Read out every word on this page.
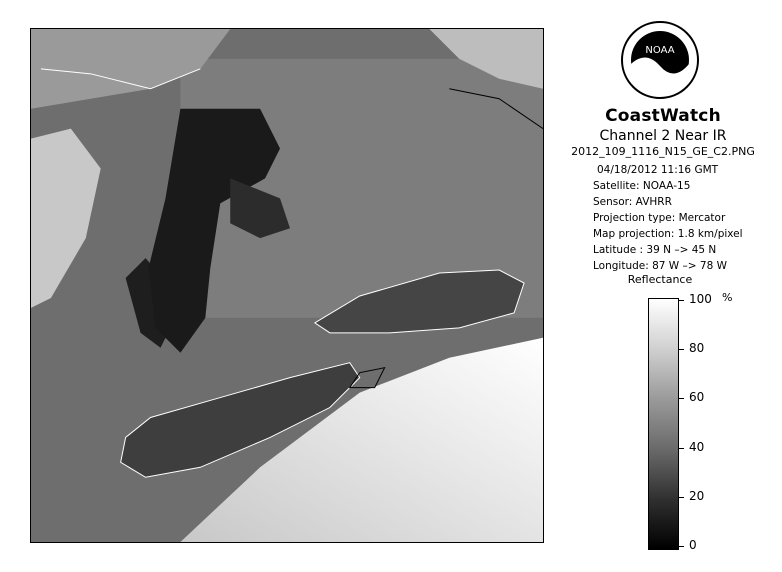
NOAA
CoastWatch
Channel 2 Near IR
2012_109_1116_N15_GE_C2.PNG
04/18/2012 11:16 GMT
Satellite: NOAA-15
Sensor: AVHRR
Projection type: Mercator
Map projection: 1.8 km/pixel
Latitude : 39 N –> 45 N
Longitude: 87 W –> 78 W
Reflectance
%
100
80
60
40
20
0
